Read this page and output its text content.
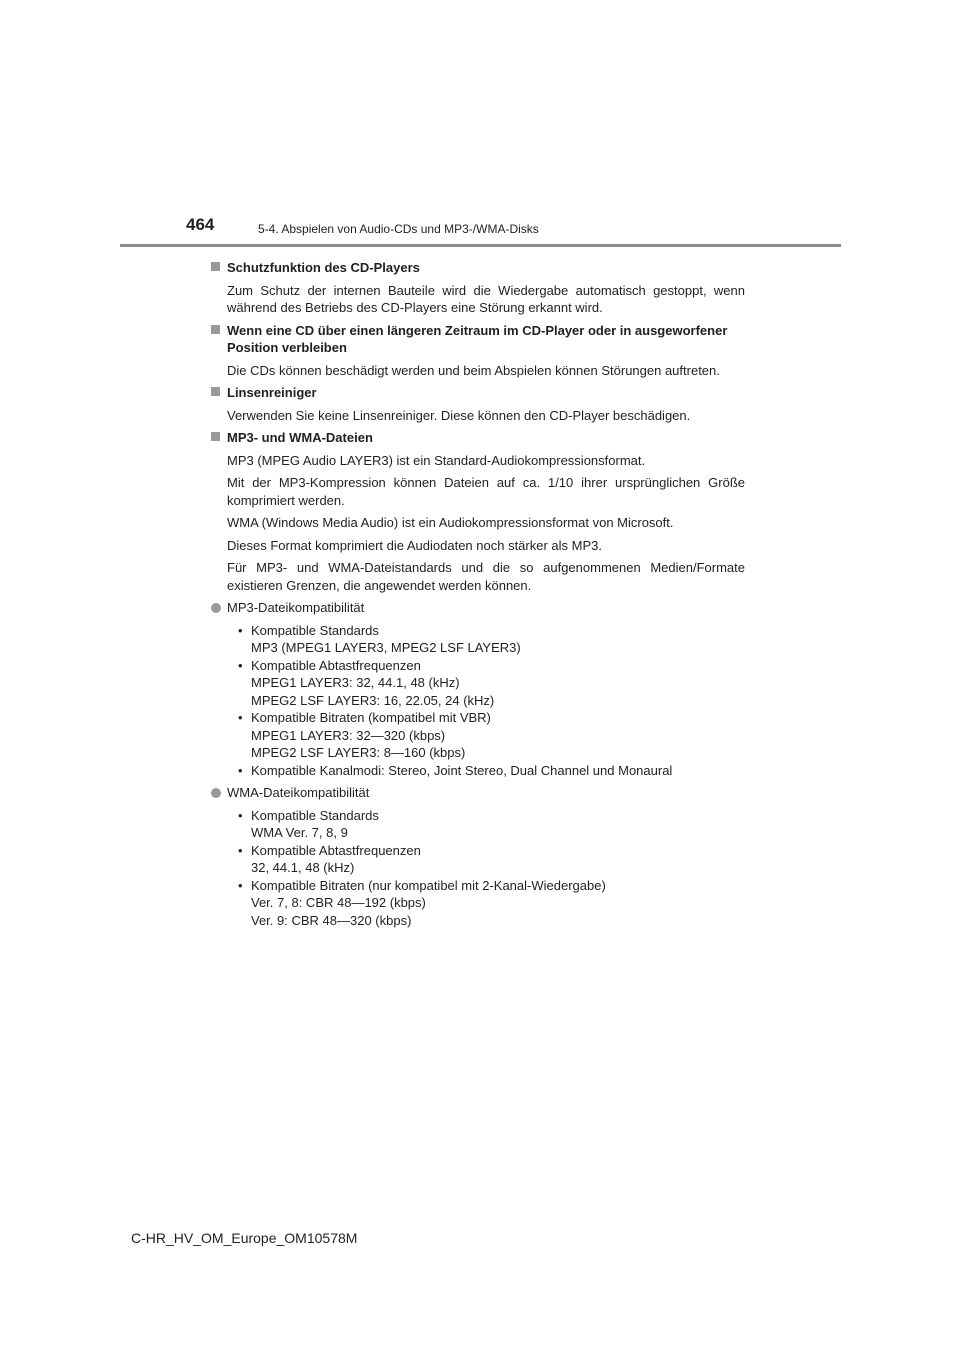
464	5-4. Abspielen von Audio-CDs und MP3-/WMA-Disks
Schutzfunktion des CD-Players
Zum Schutz der internen Bauteile wird die Wiedergabe automatisch gestoppt, wenn während des Betriebs des CD-Players eine Störung erkannt wird.
Wenn eine CD über einen längeren Zeitraum im CD-Player oder in ausgeworfener Position verbleiben
Die CDs können beschädigt werden und beim Abspielen können Störungen auftreten.
Linsenreiniger
Verwenden Sie keine Linsenreiniger. Diese können den CD-Player beschädigen.
MP3- und WMA-Dateien
MP3 (MPEG Audio LAYER3) ist ein Standard-Audiokompressionsformat.
Mit der MP3-Kompression können Dateien auf ca. 1/10 ihrer ursprünglichen Größe komprimiert werden.
WMA (Windows Media Audio) ist ein Audiokompressionsformat von Microsoft.
Dieses Format komprimiert die Audiodaten noch stärker als MP3.
Für MP3- und WMA-Dateistandards und die so aufgenommenen Medien/Formate existieren Grenzen, die angewendet werden können.
MP3-Dateikompatibilität
• Kompatible Standards
MP3 (MPEG1 LAYER3, MPEG2 LSF LAYER3)
• Kompatible Abtastfrequenzen
MPEG1 LAYER3: 32, 44.1, 48 (kHz)
MPEG2 LSF LAYER3: 16, 22.05, 24 (kHz)
• Kompatible Bitraten (kompatibel mit VBR)
MPEG1 LAYER3: 32—320 (kbps)
MPEG2 LSF LAYER3: 8—160 (kbps)
• Kompatible Kanalmodi: Stereo, Joint Stereo, Dual Channel und Monaural
WMA-Dateikompatibilität
• Kompatible Standards
WMA Ver. 7, 8, 9
• Kompatible Abtastfrequenzen
32, 44.1, 48 (kHz)
• Kompatible Bitraten (nur kompatibel mit 2-Kanal-Wiedergabe)
Ver. 7, 8: CBR 48—192 (kbps)
Ver. 9: CBR 48—320 (kbps)
C-HR_HV_OM_Europe_OM10578M
